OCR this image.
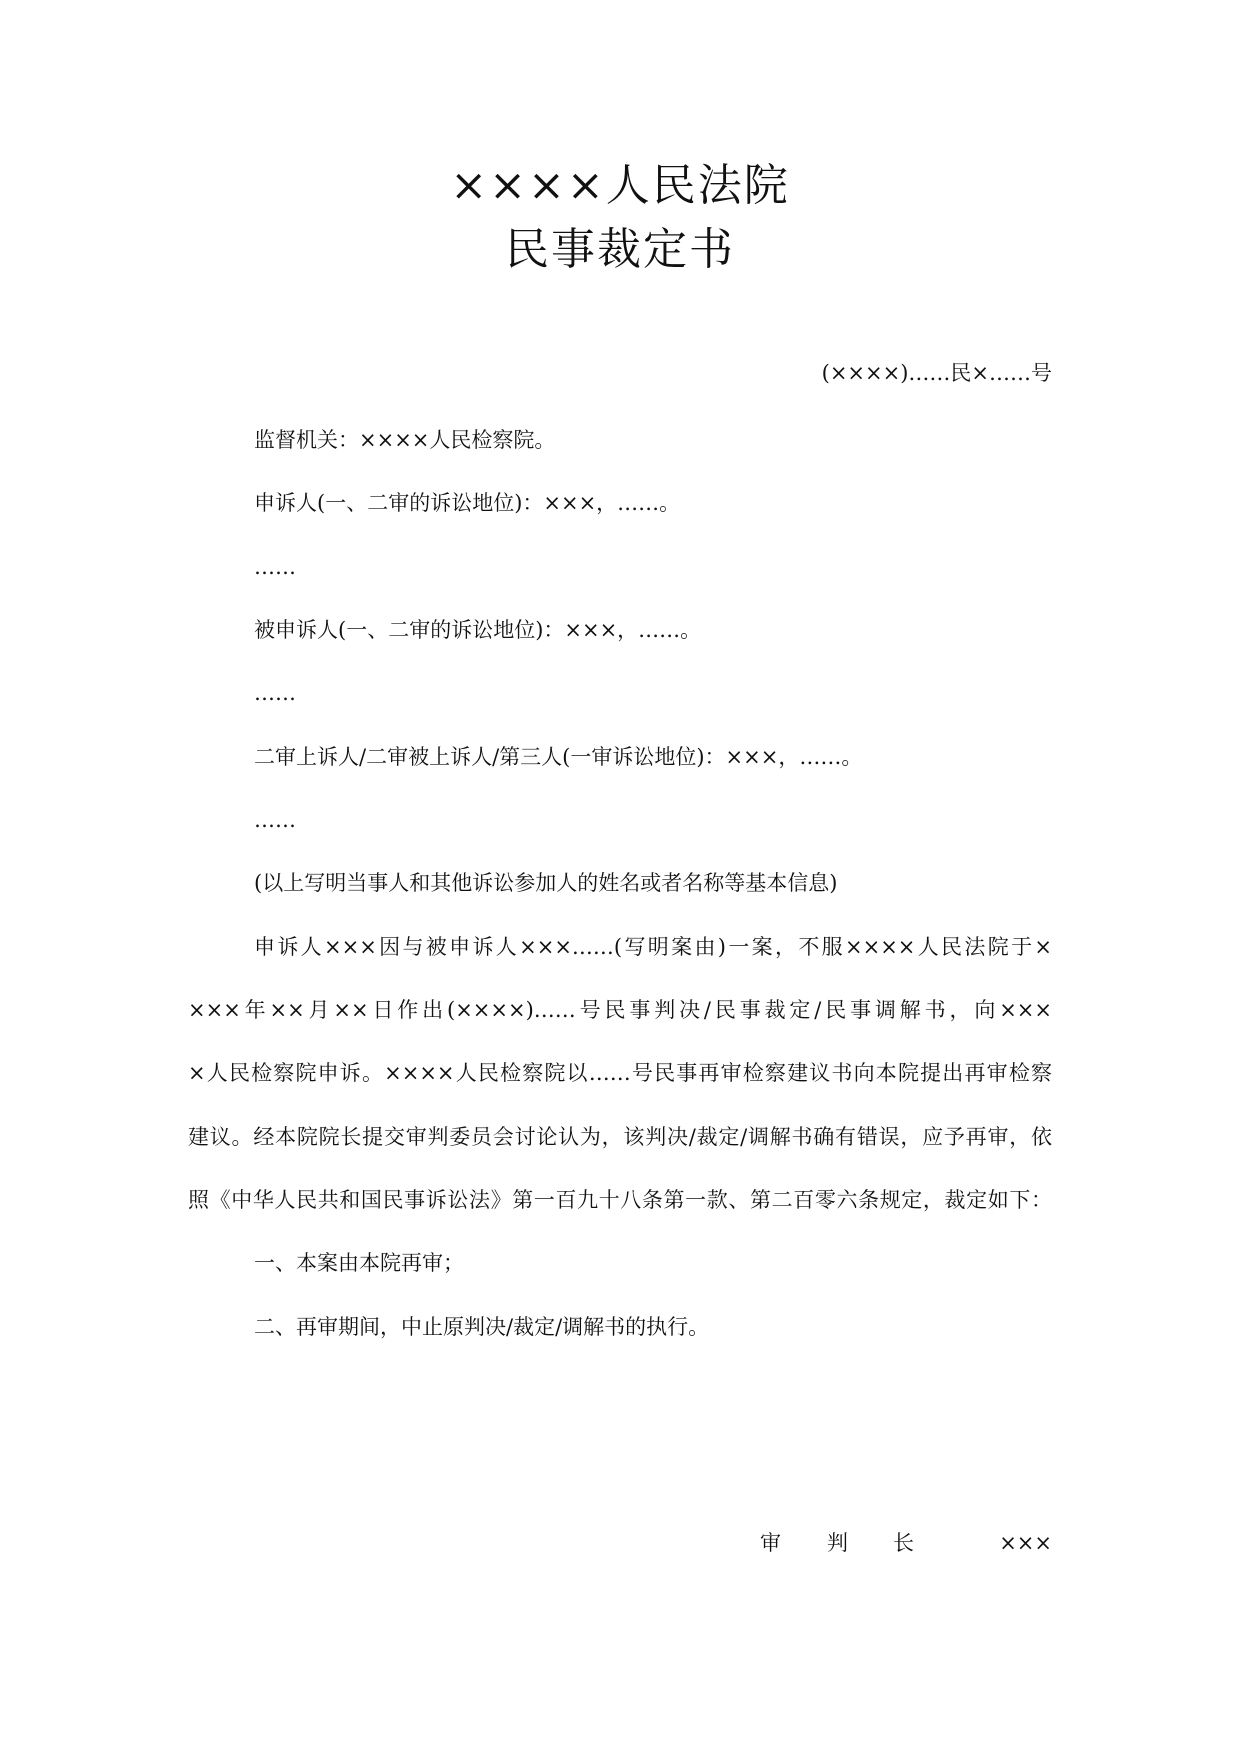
××××人民法院
民事裁定书
(××××)……民×……号
监督机关：××××人民检察院。
申诉人(一、二审的诉讼地位)：×××，……。
……
被申诉人(一、二审的诉讼地位)：×××，……。
……
二审上诉人/二审被上诉人/第三人(一审诉讼地位)：×××，……。
……
(以上写明当事人和其他诉讼参加人的姓名或者名称等基本信息)
申诉人×××因与被申诉人×××……(写明案由)一案，不服××××人民法院于×
×××年××月××日作出(××××)……号民事判决/民事裁定/民事调解书，向×××
×人民检察院申诉。××××人民检察院以……号民事再审检察建议书向本院提出再审检察
建议。经本院院长提交审判委员会讨论认为，该判决/裁定/调解书确有错误，应予再审，依
照《中华人民共和国民事诉讼法》第一百九十八条第一款、第二百零六条规定，裁定如下：
一、本案由本院再审；
二、再审期间，中止原判决/裁定/调解书的执行。
审 判 长	×××
